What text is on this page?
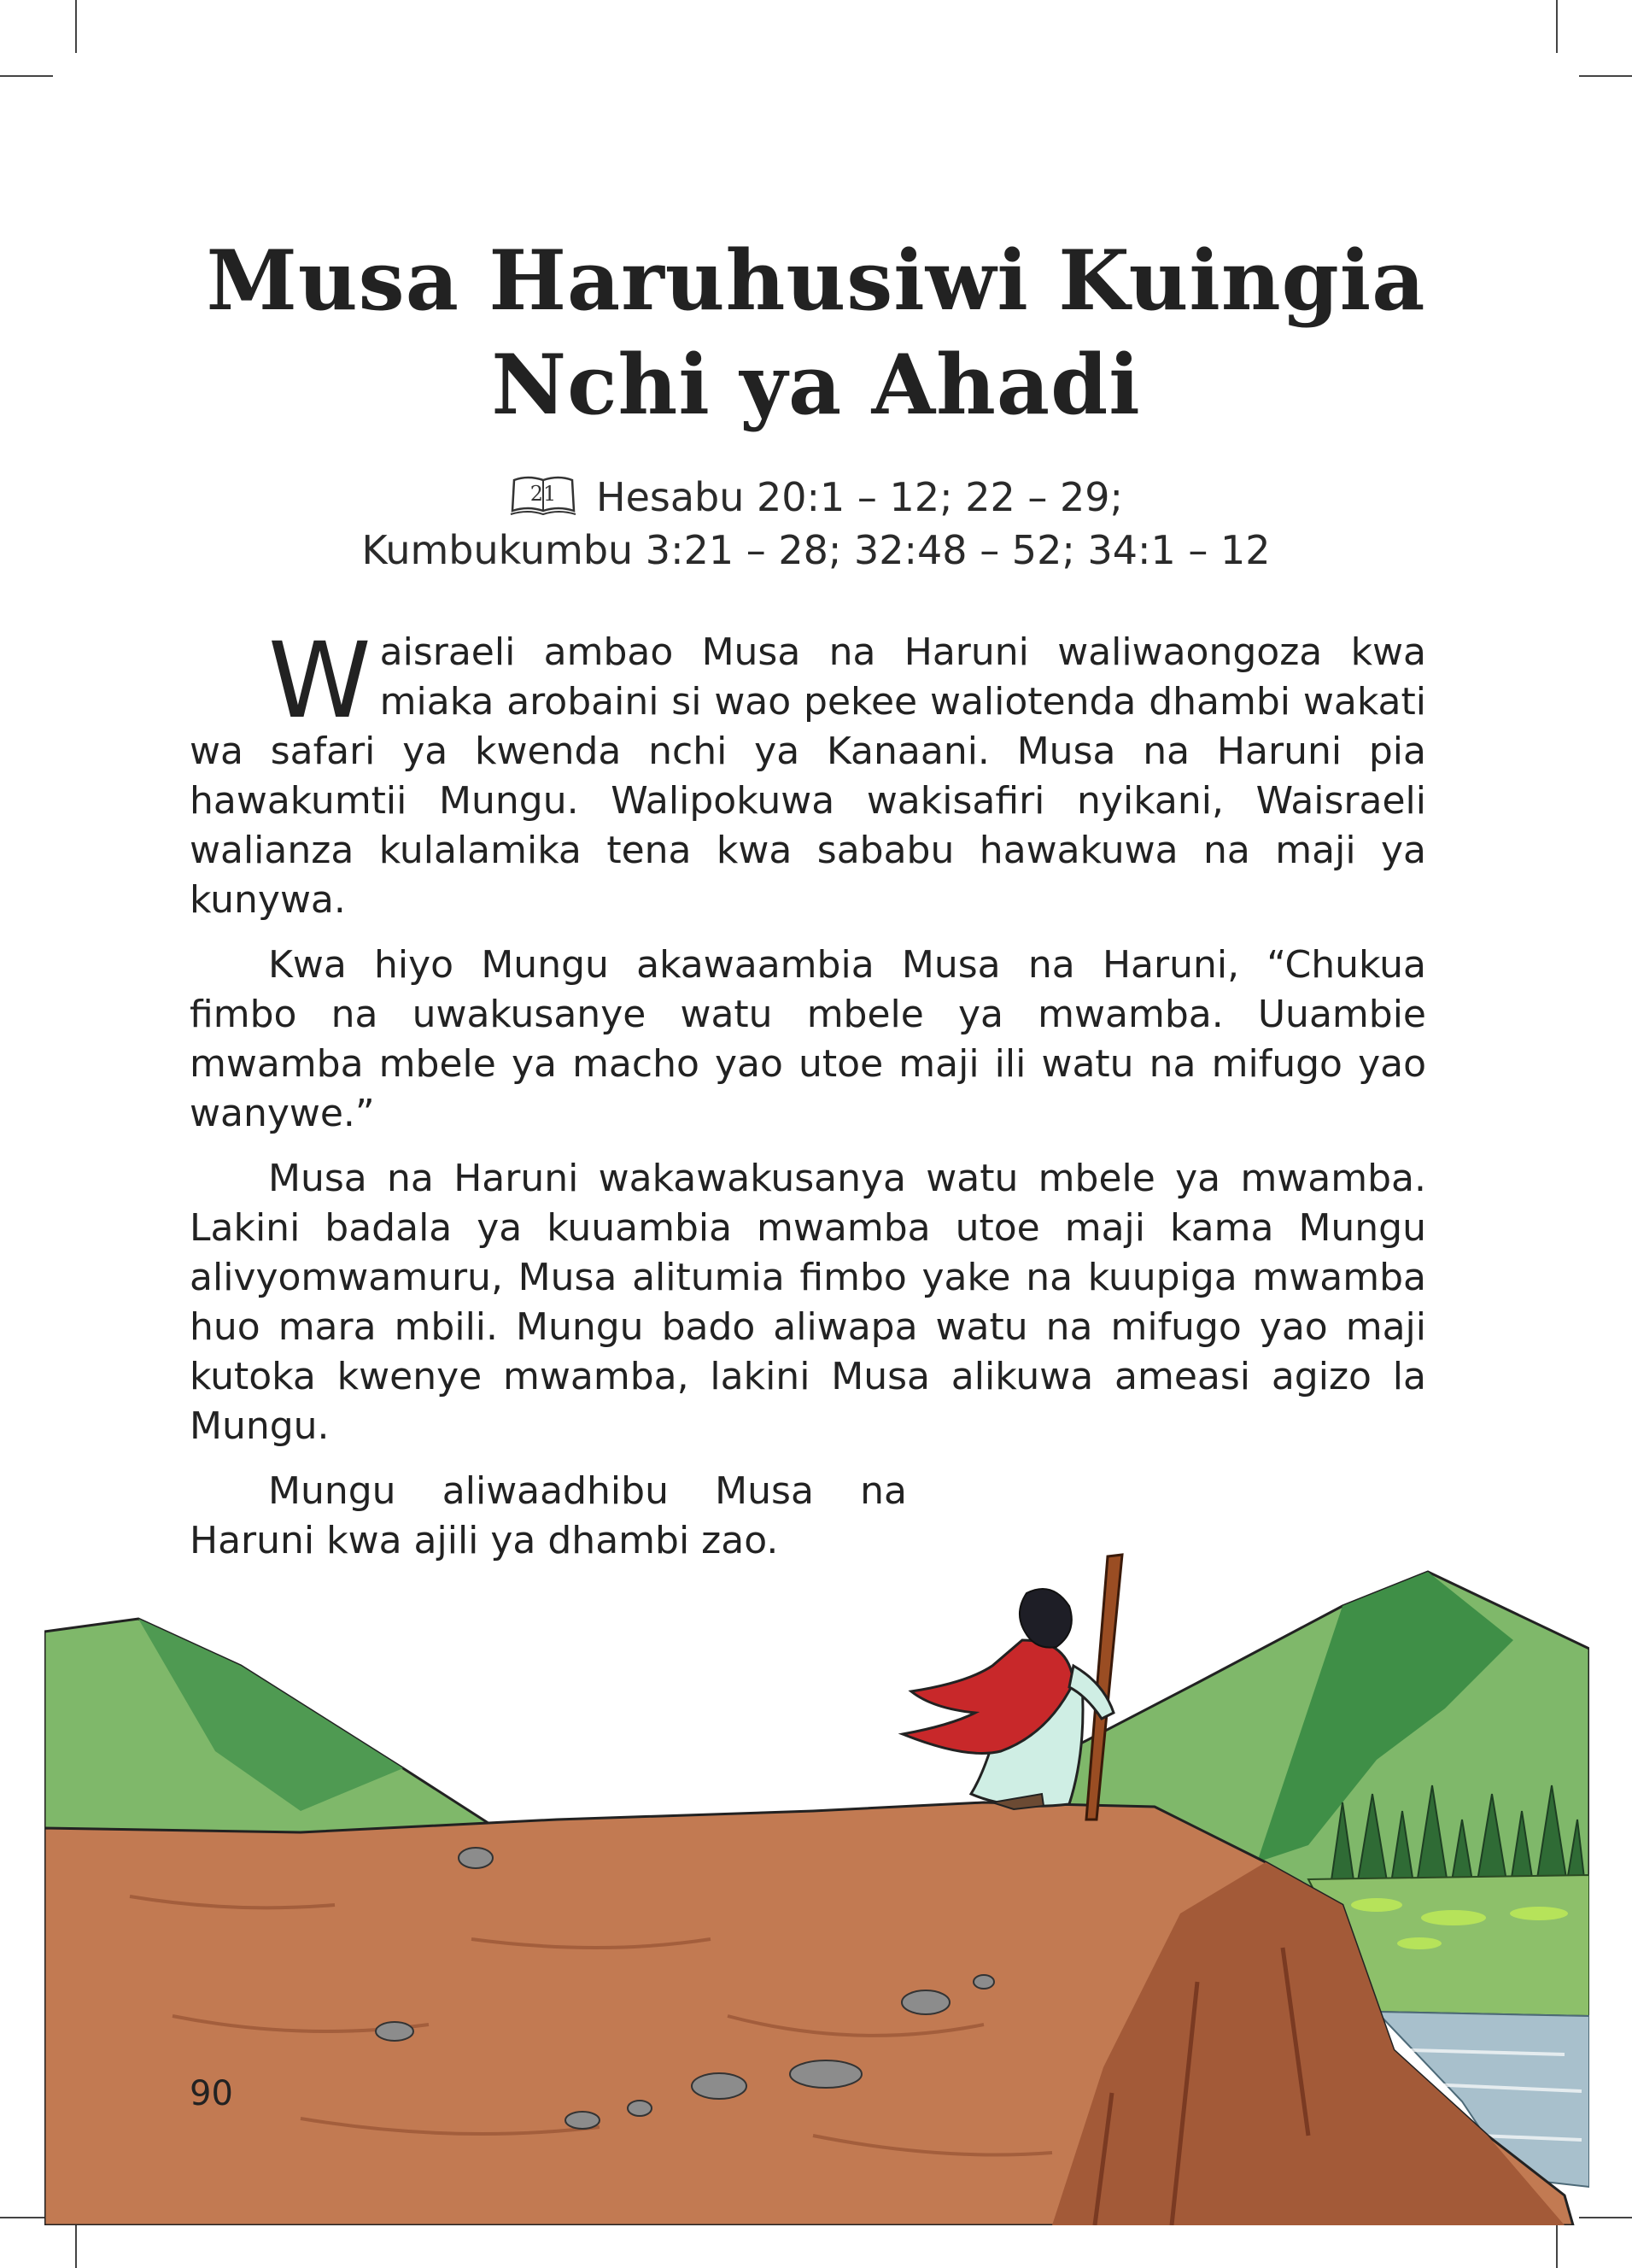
Musa Haruhusiwi Kuingia
Nchi ya Ahadi
21 Hesabu 20:1 – 12; 22 – 29;
Kumbukumbu 3:21 – 28; 32:48 – 52; 34:1 – 12

Waisraeli ambao Musa na Haruni waliwaongoza kwa miaka arobaini si wao pekee waliotenda dhambi wakati wa safari ya kwenda nchi ya Kanaani. Musa na Haruni pia hawakumtii Mungu. Walipokuwa wakisafiri nyikani, Waisraeli walianza kulalamika tena kwa sababu hawakuwa na maji ya kunywa.

Kwa hiyo Mungu akawaambia Musa na Haruni, “Chukua fimbo na uwakusanye watu mbele ya mwamba. Uuambie mwamba mbele ya macho yao utoe maji ili watu na mifugo yao wanywe.”

Musa na Haruni wakawakusanya watu mbele ya mwamba. Lakini badala ya kuuambia mwamba utoe maji kama Mungu alivyomwamuru, Musa alitumia fimbo yake na kuupiga mwamba huo mara mbili. Mungu bado aliwapa watu na mifugo yao maji kutoka kwenye mwamba, lakini Musa alikuwa ameasi agizo la Mungu.

Mungu aliwaadhibu Musa na Haruni kwa ajili ya dhambi zao.

90
